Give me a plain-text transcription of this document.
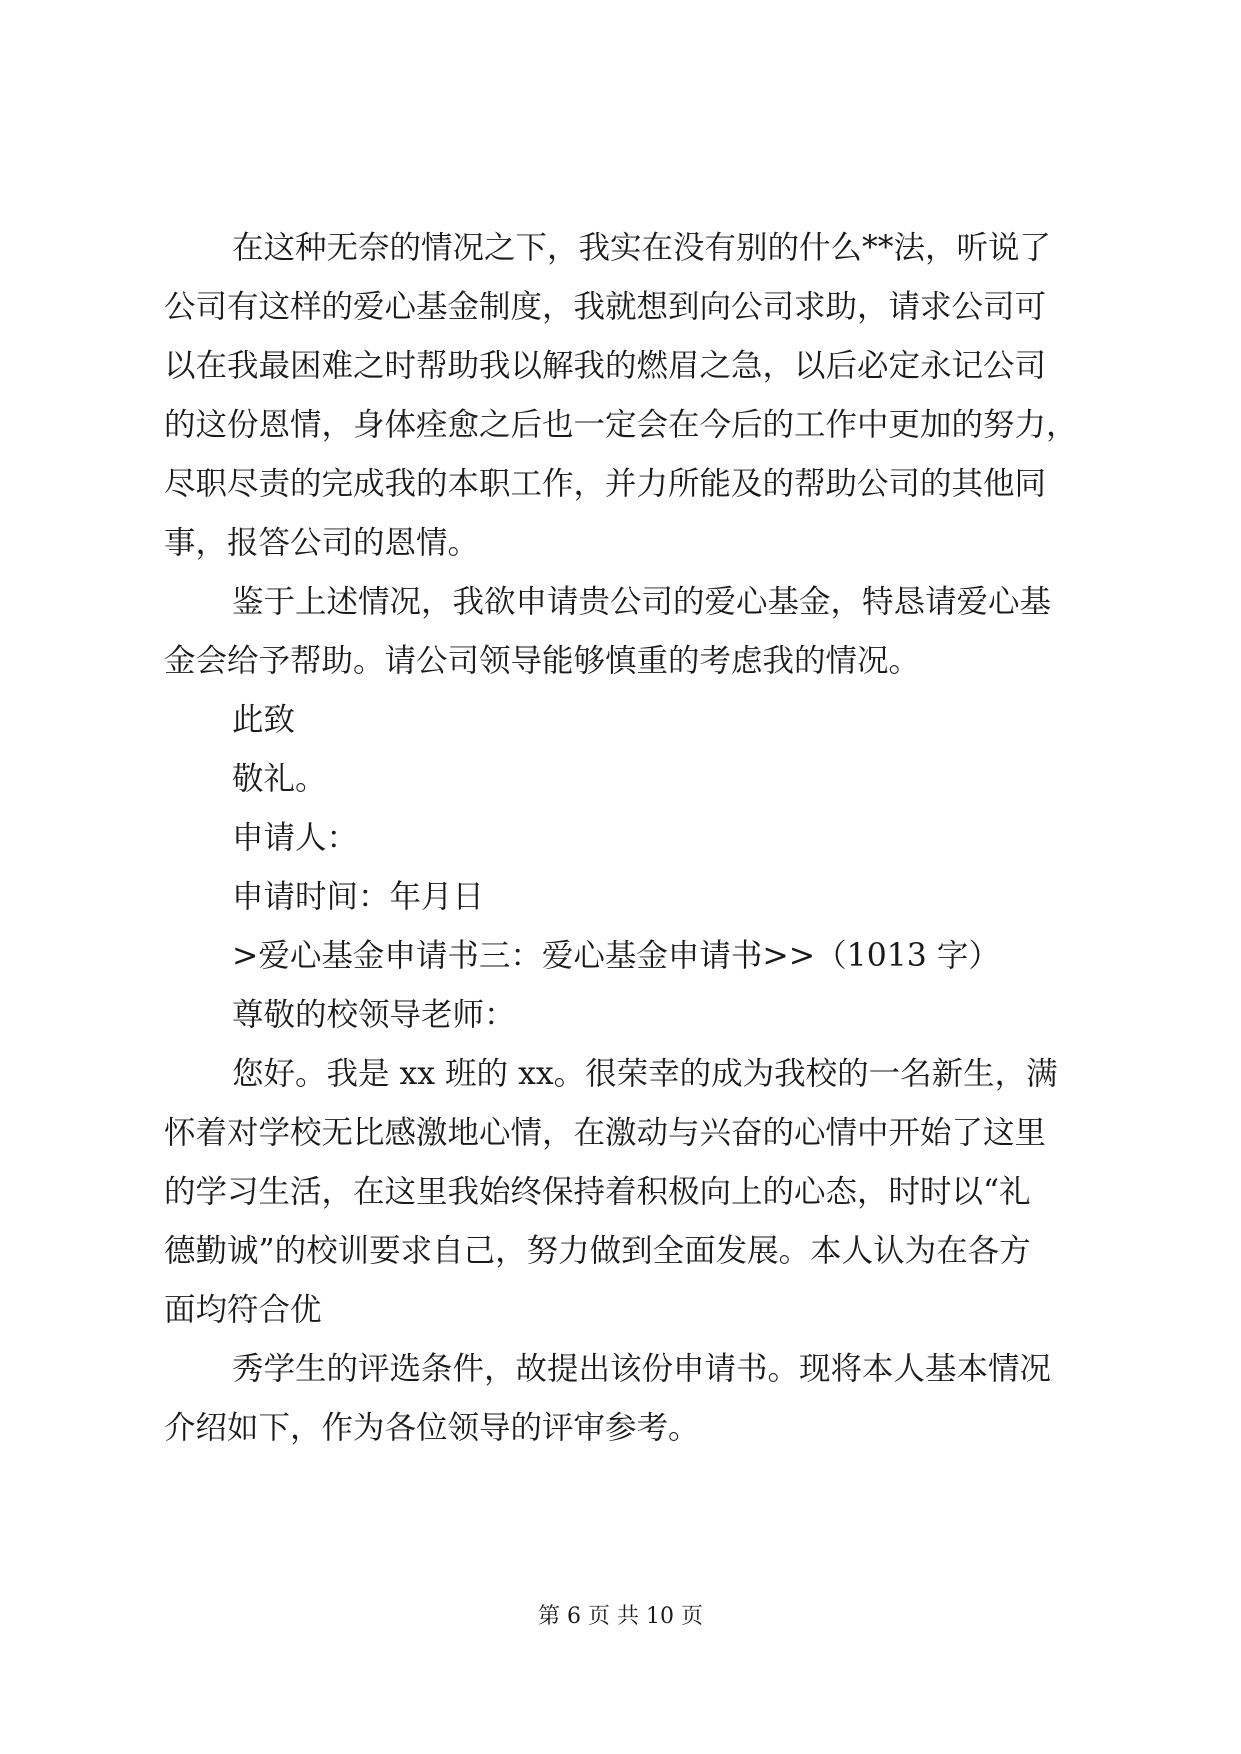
在这种无奈的情况之下，我实在没有别的什么**法，听说了
公司有这样的爱心基金制度，我就想到向公司求助，请求公司可
以在我最困难之时帮助我以解我的燃眉之急，以后必定永记公司
的这份恩情，身体痊愈之后也一定会在今后的工作中更加的努力，
尽职尽责的完成我的本职工作，并力所能及的帮助公司的其他同
事，报答公司的恩情。
鉴于上述情况，我欲申请贵公司的爱心基金，特恳请爱心基
金会给予帮助。请公司领导能够慎重的考虑我的情况。
此致
敬礼。
申请人：
申请时间：年月日
>爱心基金申请书三：爱心基金申请书>>（1013 字）
尊敬的校领导老师：
您好。我是 xx 班的 xx。很荣幸的成为我校的一名新生，满
怀着对学校无比感激地心情，在激动与兴奋的心情中开始了这里
的学习生活，在这里我始终保持着积极向上的心态，时时以“礼
德勤诚”的校训要求自己，努力做到全面发展。本人认为在各方
面均符合优
秀学生的评选条件，故提出该份申请书。现将本人基本情况
介绍如下，作为各位领导的评审参考。
第 6 页 共 10 页
